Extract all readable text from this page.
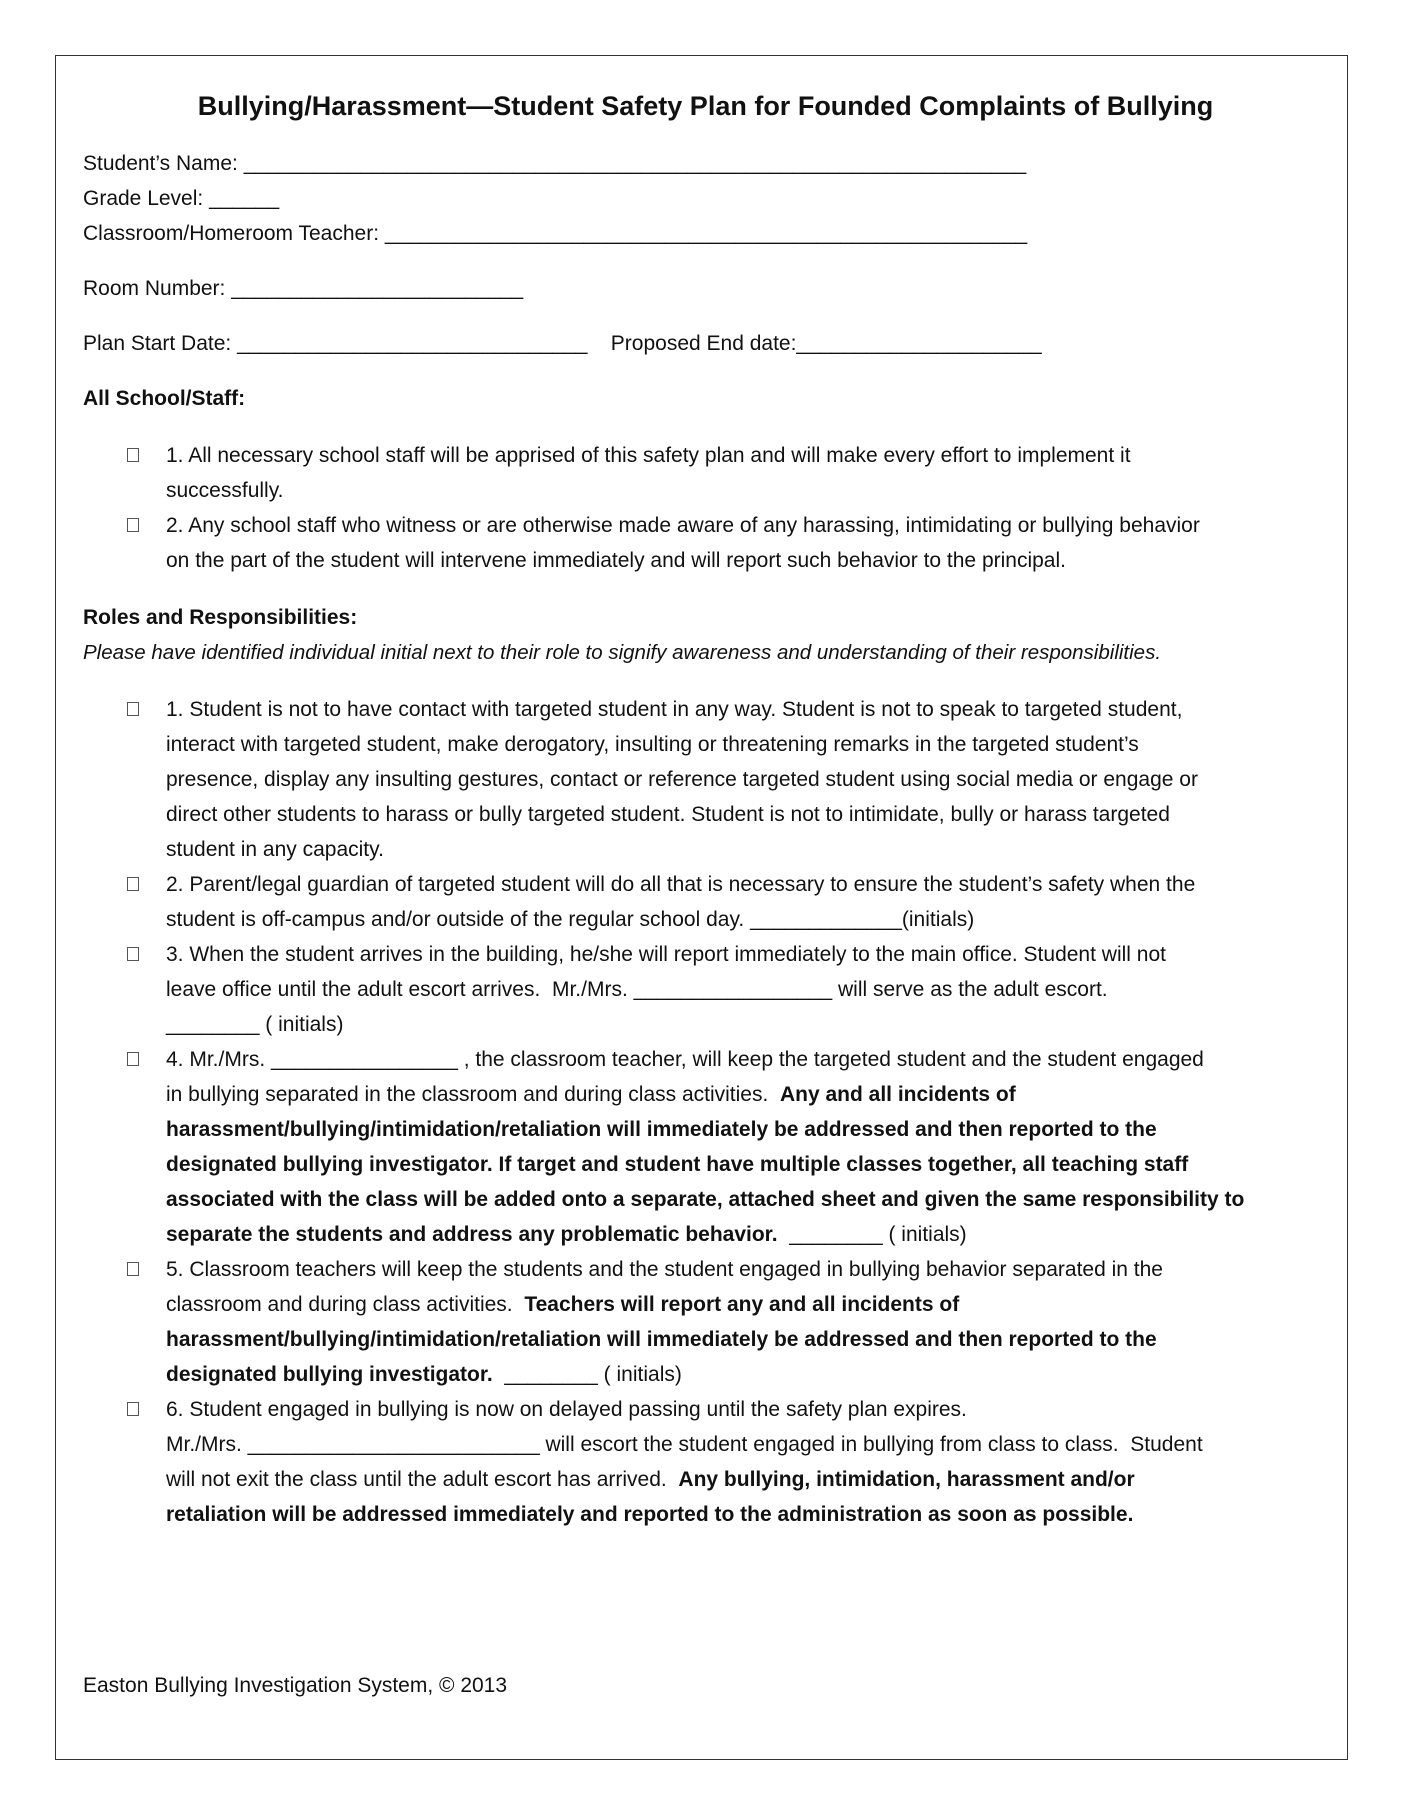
Bullying/Harassment—Student Safety Plan for Founded Complaints of Bullying

Student’s Name: ___________________________________________________________________

Grade Level: ______

Classroom/Homeroom Teacher: _______________________________________________________

Room Number: _________________________

Plan Start Date: ______________________________ Proposed End date:_____________________

All School/Staff:

1. All necessary school staff will be apprised of this safety plan and will make every effort to implement it
successfully.
2. Any school staff who witness or are otherwise made aware of any harassing, intimidating or bullying behavior
on the part of the student will intervene immediately and will report such behavior to the principal.

Roles and Responsibilities:

Please have identified individual initial next to their role to signify awareness and understanding of their responsibilities.

1. Student is not to have contact with targeted student in any way. Student is not to speak to targeted student,
interact with targeted student, make derogatory, insulting or threatening remarks in the targeted student’s
presence, display any insulting gestures, contact or reference targeted student using social media or engage or
direct other students to harass or bully targeted student. Student is not to intimidate, bully or harass targeted
student in any capacity.
2. Parent/legal guardian of targeted student will do all that is necessary to ensure the student’s safety when the
student is off-campus and/or outside of the regular school day. _____________(initials)
3. When the student arrives in the building, he/she will report immediately to the main office. Student will not
leave office until the adult escort arrives.  Mr./Mrs. _________________ will serve as the adult escort.
________ ( initials)
4. Mr./Mrs. ________________ , the classroom teacher, will keep the targeted student and the student engaged
in bullying separated in the classroom and during class activities.  Any and all incidents of
harassment/bullying/intimidation/retaliation will immediately be addressed and then reported to the
designated bullying investigator. If target and student have multiple classes together, all teaching staff
associated with the class will be added onto a separate, attached sheet and given the same responsibility to
separate the students and address any problematic behavior.  ________ ( initials)
5. Classroom teachers will keep the students and the student engaged in bullying behavior separated in the
classroom and during class activities.  Teachers will report any and all incidents of
harassment/bullying/intimidation/retaliation will immediately be addressed and then reported to the
designated bullying investigator.  ________ ( initials)
6. Student engaged in bullying is now on delayed passing until the safety plan expires.
Mr./Mrs. _________________________ will escort the student engaged in bullying from class to class.  Student
will not exit the class until the adult escort has arrived.  Any bullying, intimidation, harassment and/or
retaliation will be addressed immediately and reported to the administration as soon as possible.
Easton Bullying Investigation System, © 2013
